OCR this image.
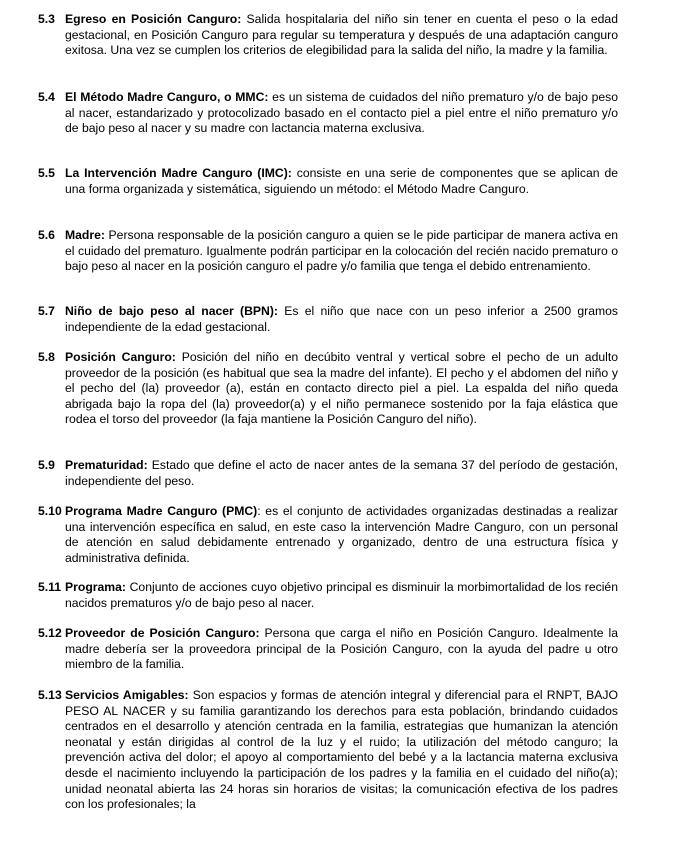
5.3 Egreso en Posición Canguro: Salida hospitalaria del niño sin tener en cuenta el peso o la edad gestacional, en Posición Canguro para regular su temperatura y después de una adaptación canguro exitosa. Una vez se cumplen los criterios de elegibilidad para la salida del niño, la madre y la familia.
5.4 El Método Madre Canguro, o MMC: es un sistema de cuidados del niño prematuro y/o de bajo peso al nacer, estandarizado y protocolizado basado en el contacto piel a piel entre el niño prematuro y/o de bajo peso al nacer y su madre con lactancia materna exclusiva.
5.5 La Intervención Madre Canguro (IMC): consiste en una serie de componentes que se aplican de una forma organizada y sistemática, siguiendo un método: el Método Madre Canguro.
5.6 Madre: Persona responsable de la posición canguro a quien se le pide participar de manera activa en el cuidado del prematuro. Igualmente podrán participar en la colocación del recién nacido prematuro o bajo peso al nacer en la posición canguro el padre y/o familia que tenga el debido entrenamiento.
5.7 Niño de bajo peso al nacer (BPN): Es el niño que nace con un peso inferior a 2500 gramos independiente de la edad gestacional.
5.8 Posición Canguro: Posición del niño en decúbito ventral y vertical sobre el pecho de un adulto proveedor de la posición (es habitual que sea la madre del infante). El pecho y el abdomen del niño y el pecho del (la) proveedor (a), están en contacto directo piel a piel. La espalda del niño queda abrigada bajo la ropa del (la) proveedor(a) y el niño permanece sostenido por la faja elástica que rodea el torso del proveedor (la faja mantiene la Posición Canguro del niño).
5.9 Prematuridad: Estado que define el acto de nacer antes de la semana 37 del período de gestación, independiente del peso.
5.10 Programa Madre Canguro (PMC): es el conjunto de actividades organizadas destinadas a realizar una intervención específica en salud, en este caso la intervención Madre Canguro, con un personal de atención en salud debidamente entrenado y organizado, dentro de una estructura física y administrativa definida.
5.11 Programa: Conjunto de acciones cuyo objetivo principal es disminuir la morbimortalidad de los recién nacidos prematuros y/o de bajo peso al nacer.
5.12 Proveedor de Posición Canguro: Persona que carga el niño en Posición Canguro. Idealmente la madre debería ser la proveedora principal de la Posición Canguro, con la ayuda del padre u otro miembro de la familia.
5.13 Servicios Amigables: Son espacios y formas de atención integral y diferencial para el RNPT, BAJO PESO AL NACER y su familia garantizando los derechos para esta población, brindando cuidados centrados en el desarrollo y atención centrada en la familia, estrategias que humanizan la atención neonatal y están dirigidas al control de la luz y el ruido; la utilización del método canguro; la prevención activa del dolor; el apoyo al comportamiento del bebé y a la lactancia materna exclusiva desde el nacimiento incluyendo la participación de los padres y la familia en el cuidado del niño(a); unidad neonatal abierta las 24 horas sin horarios de visitas; la comunicación efectiva de los padres con los profesionales; la
